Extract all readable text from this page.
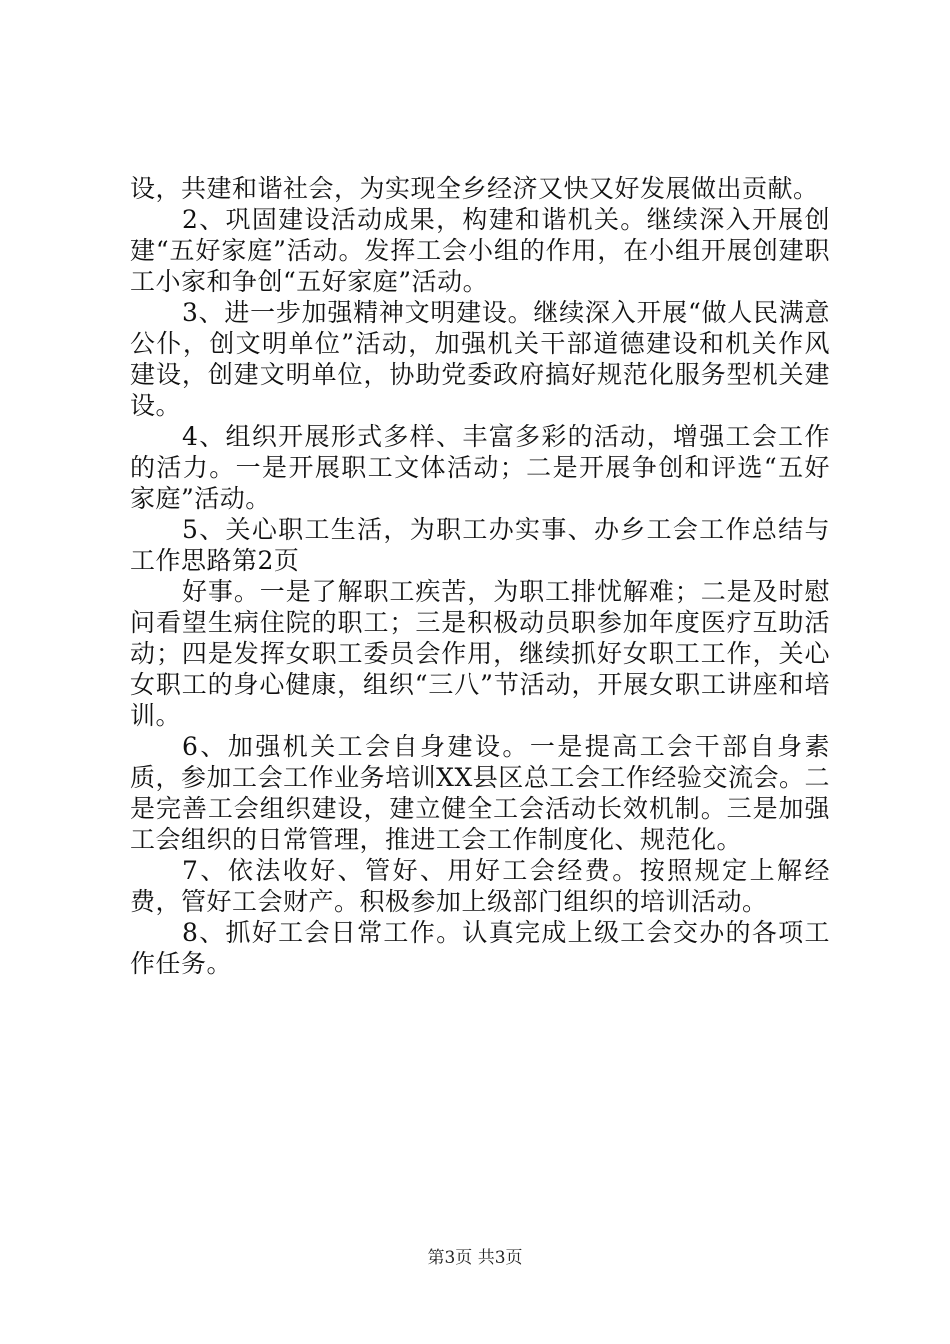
设，共建和谐社会，为实现全乡经济又快又好发展做出贡献。

2、巩固建设活动成果，构建和谐机关。继续深入开展创建“五好家庭”活动。发挥工会小组的作用，在小组开展创建职工小家和争创“五好家庭”活动。

3、进一步加强精神文明建设。继续深入开展“做人民满意公仆，创文明单位”活动，加强机关干部道德建设和机关作风建设，创建文明单位，协助党委政府搞好规范化服务型机关建设。

4、组织开展形式多样、丰富多彩的活动，增强工会工作的活力。一是开展职工文体活动；二是开展争创和评选“五好家庭”活动。

5、关心职工生活，为职工办实事、办乡工会工作总结与工作思路第2页

好事。一是了解职工疾苦，为职工排忧解难；二是及时慰问看望生病住院的职工；三是积极动员职参加年度医疗互助活动；四是发挥女职工委员会作用，继续抓好女职工工作，关心女职工的身心健康，组织“三八”节活动，开展女职工讲座和培训。

6、加强机关工会自身建设。一是提高工会干部自身素质，参加工会工作业务培训XX县区总工会工作经验交流会。二是完善工会组织建设，建立健全工会活动长效机制。三是加强工会组织的日常管理，推进工会工作制度化、规范化。

7、依法收好、管好、用好工会经费。按照规定上解经费，管好工会财产。积极参加上级部门组织的培训活动。

8、抓好工会日常工作。认真完成上级工会交办的各项工作任务。

第3页 共3页
